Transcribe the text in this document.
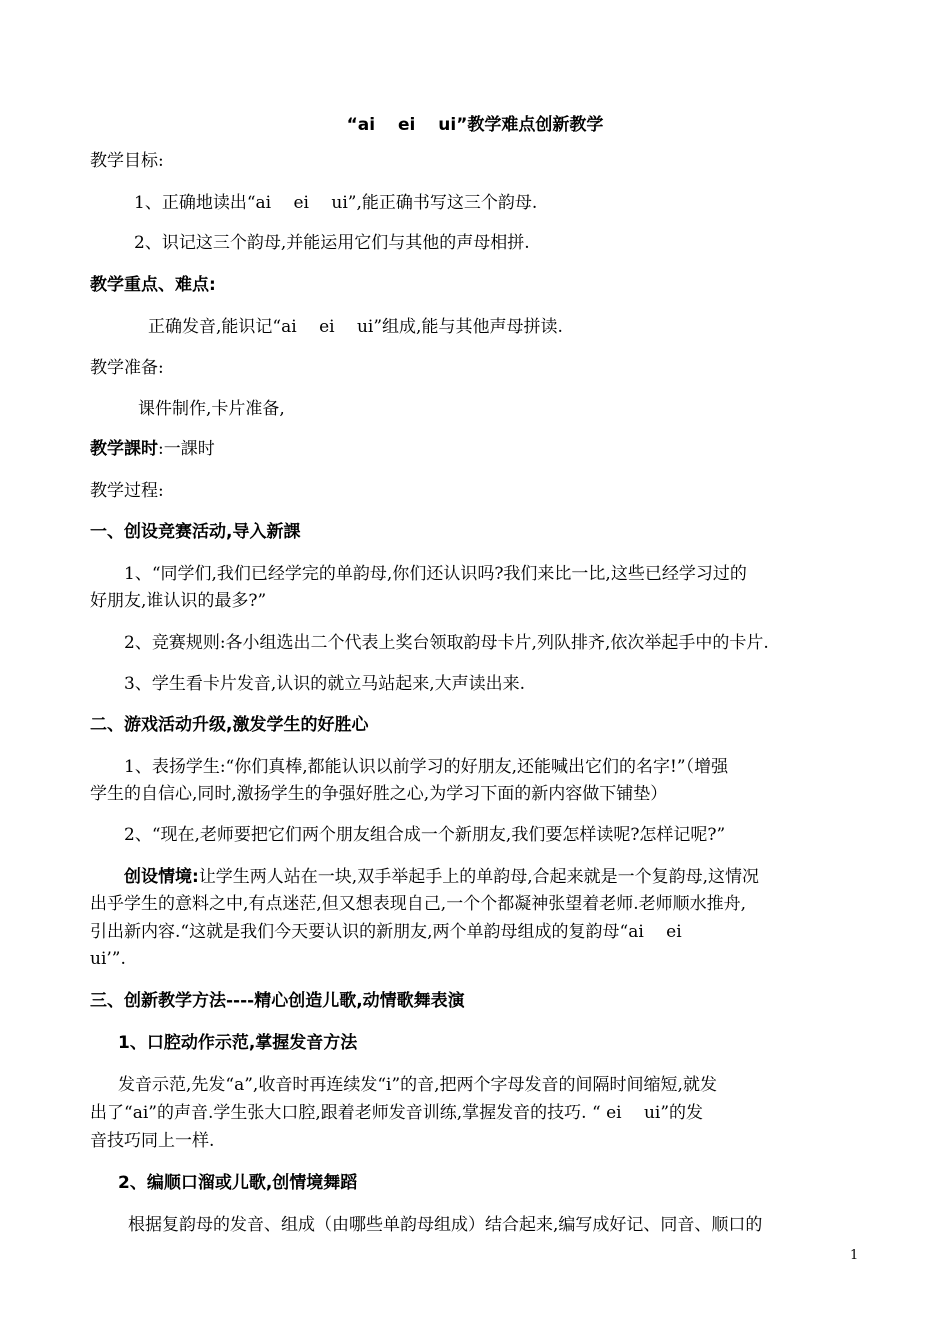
“ai　 ei　 ui”教学难点创新教学
教学目标:
1、正确地读出“ai　 ei　 ui”,能正确书写这三个韵母.
2、识记这三个韵母,并能运用它们与其他的声母相拼.
教学重点、难点:
正确发音,能识记“ai　 ei　 ui”组成,能与其他声母拼读.
教学准备:
课件制作,卡片准备,
教学課时:一課时
教学过程:
一、创设竞赛活动,导入新課
1、“同学们,我们已经学完的单韵母,你们还认识吗?我们来比一比,这些已经学习过的
好朋友,谁认识的最多?”
2、竞赛规则:各小组选出二个代表上奖台领取韵母卡片,列队排齐,依次举起手中的卡片.
3、学生看卡片发音,认识的就立马站起来,大声读出来.
二、游戏活动升级,激发学生的好胜心
1、表扬学生:“你们真棒,都能认识以前学习的好朋友,还能喊出它们的名字!”（增强
学生的自信心,同时,激扬学生的争强好胜之心,为学习下面的新内容做下铺垫）
2、“现在,老师要把它们两个朋友组合成一个新朋友,我们要怎样读呢?怎样记呢?”
创设情境:让学生两人站在一块,双手举起手上的单韵母,合起来就是一个复韵母,这情况
出乎学生的意料之中,有点迷茫,但又想表现自己,一个个都凝神张望着老师.老师顺水推舟,
引出新内容.“这就是我们今天要认识的新朋友,两个单韵母组成的复韵母“ai　 ei
ui’”.
三、创新教学方法----精心创造儿歌,动情歌舞表演
1、口腔动作示范,掌握发音方法
发音示范,先发“a”,收音时再连续发“i”的音,把两个字母发音的间隔时间缩短,就发
出了“ai”的声音.学生张大口腔,跟着老师发音训练,掌握发音的技巧. “ ei　 ui”的发
音技巧同上一样.
2、编顺口溜或儿歌,创情境舞蹈
根据复韵母的发音、组成（由哪些单韵母组成）结合起来,编写成好记、同音、顺口的
1
